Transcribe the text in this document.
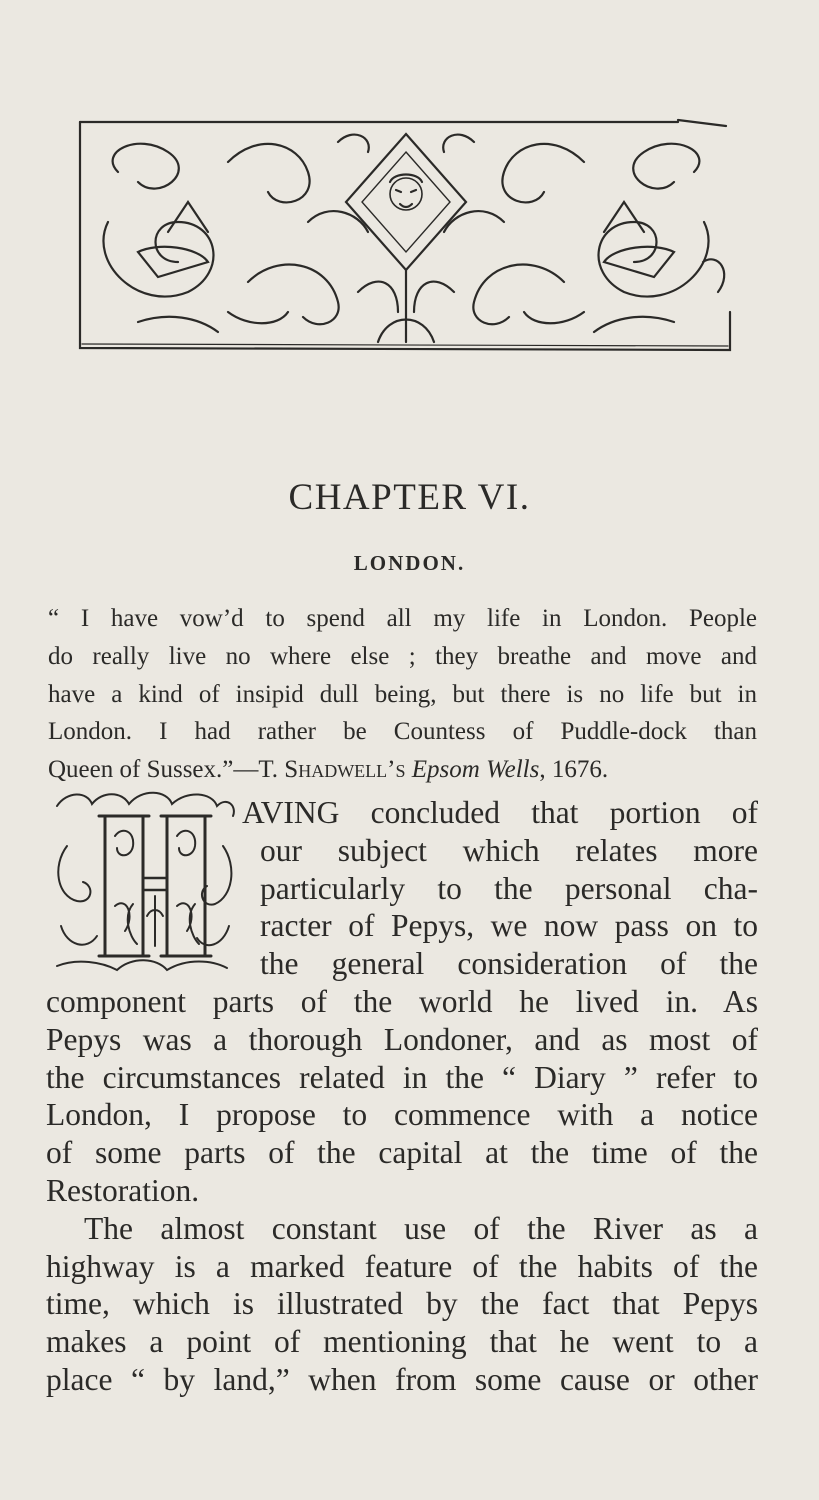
CHAPTER VI.
LONDON.
“ I have vow’d to spend all my life in London. People
do really live no where else ; they breathe and move and
have a kind of insipid dull being, but there is no life but in
London. I had rather be Countess of Puddle-dock than
Queen of Sussex.”—T. Shadwell’s Epsom Wells, 1676.
AVING concluded that portion of
our subject which relates more
particularly to the personal cha-
racter of Pepys, we now pass on to
the general consideration of the
component parts of the world he lived in. As
Pepys was a thorough Londoner, and as most of
the circumstances related in the “ Diary ” refer to
London, I propose to commence with a notice
of some parts of the capital at the time of the
Restoration.
The almost constant use of the River as a
highway is a marked feature of the habits of the
time, which is illustrated by the fact that Pepys
makes a point of mentioning that he went to a
place “ by land,” when from some cause or other
